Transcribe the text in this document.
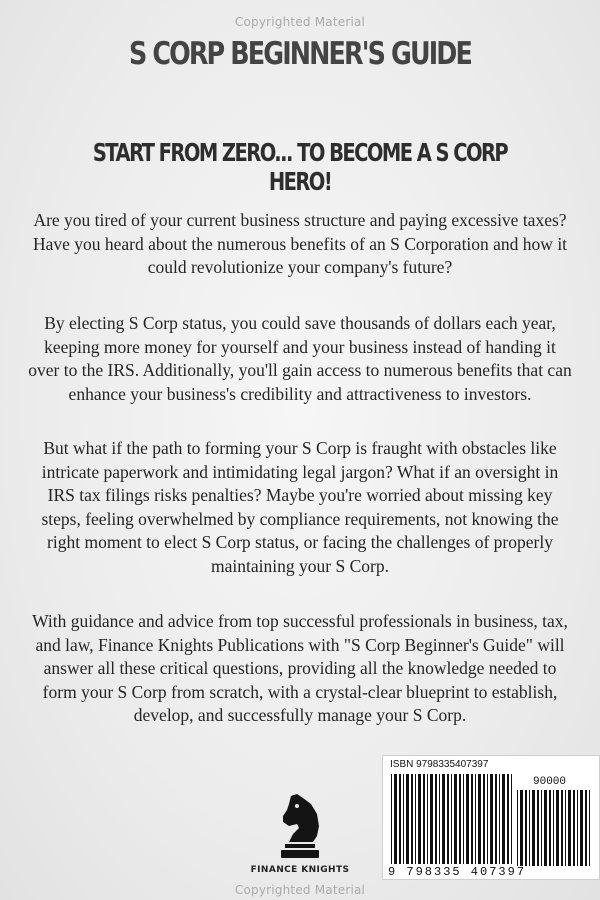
Copyrighted Material
S CORP BEGINNER'S GUIDE
START FROM ZERO... TO BECOME A S CORP HERO!

Are you tired of your current business structure and paying excessive taxes? Have you heard about the numerous benefits of an S Corporation and how it could revolutionize your company's future?

By electing S Corp status, you could save thousands of dollars each year, keeping more money for yourself and your business instead of handing it over to the IRS. Additionally, you'll gain access to numerous benefits that can enhance your business's credibility and attractiveness to investors.

But what if the path to forming your S Corp is fraught with obstacles like intricate paperwork and intimidating legal jargon? What if an oversight in IRS tax filings risks penalties? Maybe you're worried about missing key steps, feeling overwhelmed by compliance requirements, not knowing the right moment to elect S Corp status, or facing the challenges of properly maintaining your S Corp.

With guidance and advice from top successful professionals in business, tax, and law, Finance Knights Publications with "S Corp Beginner's Guide" will answer all these critical questions, providing all the knowledge needed to form your S Corp from scratch, with a crystal-clear blueprint to establish, develop, and successfully manage your S Corp.

FINANCE KNIGHTS
ISBN 9798335407397
90000
9 798335 407397
Copyrighted Material
